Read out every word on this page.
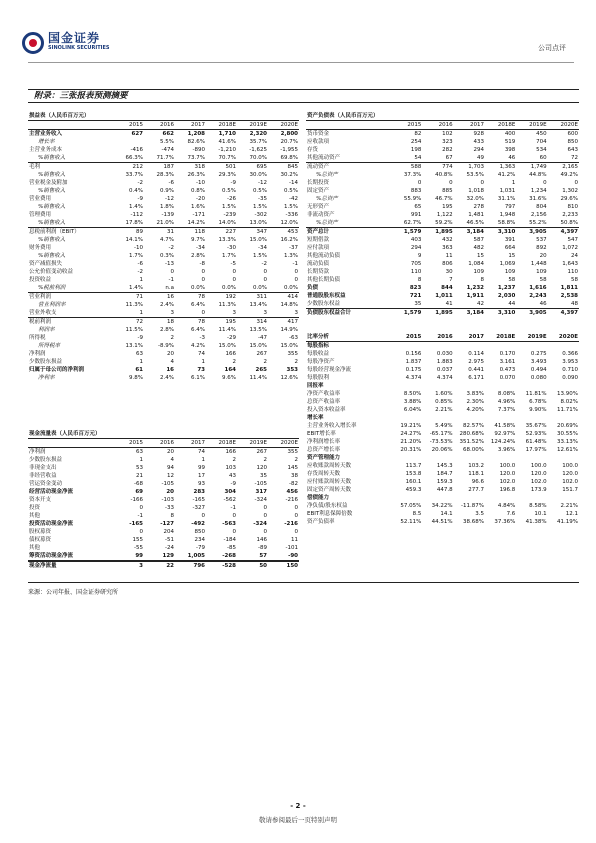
国金证券
SINOLINK SECURITIES	公司点评
附录：三张报表预测摘要
损益表（人民币百万元）
	2015	2016	2017	2018E	2019E	2020E
主营业务收入	627	662	1,208	1,710	2,320	2,800
增长率		5.5%	82.6%	41.6%	35.7%	20.7%
主营业务成本	-416	-474	-890	-1,210	-1,625	-1,955
%销售收入	66.3%	71.7%	73.7%	70.7%	70.0%	69.8%
毛利	212	187	318	501	695	845
%销售收入	33.7%	28.3%	26.3%	29.3%	30.0%	30.2%
营业税金及附加	-2	-6	-10	-9	-12	-14
%销售收入	0.4%	0.9%	0.8%	0.5%	0.5%	0.5%
营业费用	-9	-12	-20	-26	-35	-42
%销售收入	1.4%	1.8%	1.6%	1.5%	1.5%	1.5%
管理费用	-112	-139	-171	-239	-302	-336
%销售收入	17.8%	21.0%	14.2%	14.0%	13.0%	12.0%
息税前利润（EBIT）	89	31	118	227	347	453
%销售收入	14.1%	4.7%	9.7%	13.3%	15.0%	16.2%
财务费用	-10	-2	-34	-30	-34	-37
%销售收入	1.7%	0.3%	2.8%	1.7%	1.5%	1.3%
资产减值损失	-6	-13	-8	-5	-2	-1
公允价值变动收益	-2	0	0	0	0	0
投资收益	1	-1	0	0	0	0
%税前利润	1.4%	n.a	0.0%	0.0%	0.0%	0.0%
营业利润	71	16	78	192	311	414
营业利润率	11.3%	2.4%	6.4%	11.3%	13.4%	14.8%
营业外收支	1	3	0	3	3	3
税前利润	72	18	78	195	314	417
利润率	11.5%	2.8%	6.4%	11.4%	13.5%	14.9%
所得税	-9	2	-3	-29	-47	-63
所得税率	13.1%	-8.9%	4.2%	15.0%	15.0%	15.0%
净利润	63	20	74	166	267	355
少数股东损益	1	4	1	2	2	2
归属于母公司的净利润	61	16	73	164	265	353
净利率	9.8%	2.4%	6.1%	9.6%	11.4%	12.6%
现金流量表（人民币百万元）
	2015	2016	2017	2018E	2019E	2020E
净利润	63	20	74	166	267	355
少数股东损益	1	4	1	2	2	2
非现金支出	53	94	99	103	120	145
非经营收益	21	12	17	43	35	38
营运资金变动	-68	-105	93	-9	-105	-82
经营活动现金净流	69	20	283	304	317	456
资本开支	-166	-103	-165	-562	-324	-216
投资	0	-33	-327	-1	0	0
其他	-1	8	0	0	0	0
投资活动现金净流	-165	-127	-492	-563	-324	-216
股权募资	0	204	850	0	0	0
债权募资	155	-51	234	-184	146	11
其他	-55	-24	-79	-85	-89	-101
筹资活动现金净流	99	129	1,005	-268	57	-90
现金净流量	3	22	796	-528	50	150
资产负债表（人民币百万元）
	2015	2016	2017	2018E	2019E	2020E
货币资金	82	102	928	400	450	600
应收款项	254	323	433	519	704	850
存货	198	282	294	398	534	643
其他流动资产	54	67	49	46	60	72
流动资产	588	774	1,703	1,363	1,749	2,165
%总资产	37.3%	40.8%	53.5%	41.2%	44.8%	49.2%
长期投资	0	0	0	1	0	0
固定资产	883	885	1,018	1,031	1,234	1,302
%总资产	55.9%	46.7%	32.0%	31.1%	31.6%	29.6%
无形资产	65	195	278	797	804	810
非流动资产	991	1,122	1,481	1,948	2,156	2,233
%总资产	62.7%	59.2%	46.5%	58.8%	55.2%	50.8%
资产总计	1,579	1,895	3,184	3,310	3,905	4,397
短期借款	403	432	587	391	537	547
应付款项	294	363	482	664	892	1,072
其他流动负债	9	11	15	15	20	24
流动负债	705	806	1,084	1,069	1,448	1,643
长期贷款	110	30	109	109	109	110
其他长期负债	8	7	8	58	58	58
负债	823	844	1,232	1,237	1,616	1,811
普通股股东权益	721	1,011	1,911	2,030	2,243	2,538
少数股东权益	35	41	42	44	46	48
负债股东权益合计	1,579	1,895	3,184	3,310	3,905	4,397
比率分析	2015	2016	2017	2018E	2019E	2020E
每股指标						
每股收益	0.156	0.030	0.114	0.170	0.275	0.366
每股净资产	1.837	1.883	2.975	3.161	3.493	3.953
每股经营现金净流	0.175	0.037	0.441	0.473	0.494	0.710
每股股利	4.374	4.374	6.171	0.070	0.080	0.090
回报率						
净资产收益率	8.50%	1.60%	3.83%	8.08%	11.81%	13.90%
总资产收益率	3.88%	0.85%	2.30%	4.96%	6.78%	8.02%
投入资本收益率	6.04%	2.21%	4.20%	7.37%	9.90%	11.71%
增长率						
主营业务收入增长率	19.21%	5.49%	82.57%	41.58%	35.67%	20.69%
EBIT增长率	24.27%	-65.17%	280.68%	92.97%	52.93%	30.55%
净利润增长率	21.20%	-73.53%	351.52%	124.24%	61.48%	33.13%
总资产增长率	20.31%	20.06%	68.00%	3.96%	17.97%	12.61%
资产管理能力						
应收账款周转天数	113.7	145.3	103.2	100.0	100.0	100.0
存货周转天数	153.8	184.7	118.1	120.0	120.0	120.0
应付账款周转天数	160.1	159.3	96.6	102.0	102.0	102.0
固定资产周转天数	459.3	447.8	277.7	196.8	173.9	151.7
偿债能力						
净负债/股东权益	57.05%	34.22%	-11.87%	4.84%	8.58%	2.21%
EBIT利息保障倍数	8.5	14.1	3.5	7.6	10.1	12.1
资产负债率	52.11%	44.51%	38.68%	37.36%	41.38%	41.19%
来源：公司年报、国金证券研究所
- 2 -
敬请参阅最后一页特别声明
